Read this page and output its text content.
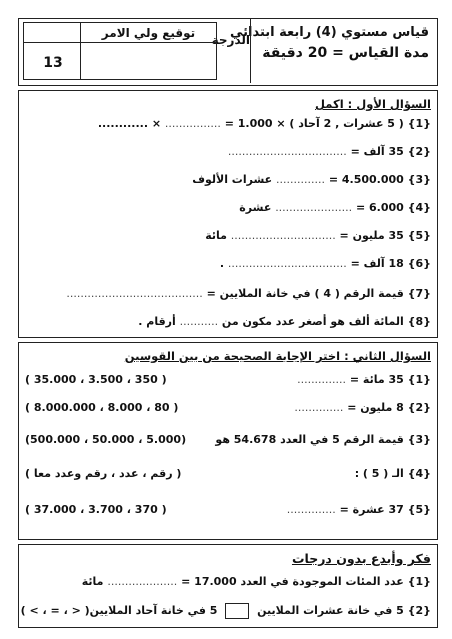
قياس مستوي (4) رابعة ابتدائي
مدة القياس = 20 دقيقة
الدرجة
توقيع ولي الامر
13
السؤال الأول : اكمل
{1} ( 5 عشرات , 2 آحاد ) × 1.000 = ................ × ............
{2} 35 آلف = ..................................
{3} 4.500.000 = .............. عشرات الألوف
{4} 6.000 = ...................... عشرة
{5} 35 مليون = .............................. مائة
{6} 18 آلف = .................................. .
{7} قيمة الرقم ( 4 ) في خانة الملايين = .......................................
{8} المائة ألف هو أصغر عدد مكون من ........... أرقام .
السؤال الثاني : اختر الإجابة الصحيحة من بين القوسين
{1} 35 مائة = ..............
( 350 ، 3.500 ، 35.000 )
{2} 8 مليون = ..............
( 80 ، 8.000 ، 8.000.000 )
{3} قيمة الرقم 5 في العدد 54.678 هو
(5.000 ، 50.000 ، 500.000)
{4} الـ ( 5 ) :
( رقم ، عدد ، رقم وعدد معا )
{5} 37 عشرة = ..............
( 370 ، 3.700 ، 37.000 )
فكر وأبدع بدون درجات
{1} عدد المئات الموجودة في العدد 17.000 = .................... مائة
{2} 5 في خانة عشرات الملايين  5 في خانة آحاد الملايين( < ، = ، > )
